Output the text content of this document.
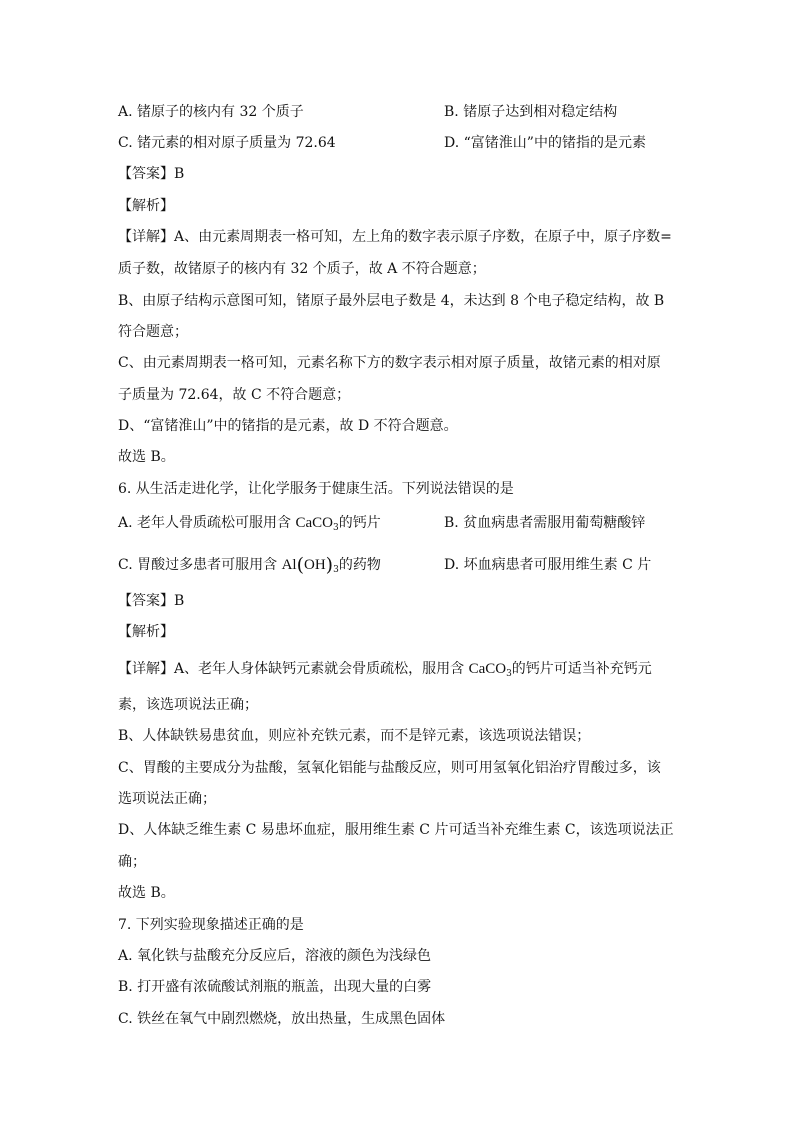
A. 锗原子的核内有 32 个质子	B. 锗原子达到相对稳定结构
C. 锗元素的相对原子质量为 72.64	D. “富锗淮山”中的锗指的是元素
【答案】B
【解析】
【详解】A、由元素周期表一格可知，左上角的数字表示原子序数，在原子中，原子序数=
质子数，故锗原子的核内有 32 个质子，故 A 不符合题意；
B、由原子结构示意图可知，锗原子最外层电子数是 4，未达到 8 个电子稳定结构，故 B
符合题意；
C、由元素周期表一格可知，元素名称下方的数字表示相对原子质量，故锗元素的相对原
子质量为 72.64，故 C 不符合题意；
D、“富锗淮山”中的锗指的是元素，故 D 不符合题意。
故选 B。
6. 从生活走进化学，让化学服务于健康生活。下列说法错误的是
A. 老年人骨质疏松可服用含 CaCO$_3$的钙片	B. 贫血病患者需服用葡萄糖酸锌
C. 胃酸过多患者可服用含 $Al(OH)_3$的药物	D. 坏血病患者可服用维生素 C 片
【答案】B
【解析】
【详解】A、老年人身体缺钙元素就会骨质疏松，服用含 CaCO$_3$的钙片可适当补充钙元
素，该选项说法正确；
B、人体缺铁易患贫血，则应补充铁元素，而不是锌元素，该选项说法错误；
C、胃酸的主要成分为盐酸，氢氧化铝能与盐酸反应，则可用氢氧化铝治疗胃酸过多，该
选项说法正确；
D、人体缺乏维生素 C 易患坏血症，服用维生素 C 片可适当补充维生素 C，该选项说法正
确；
故选 B。
7. 下列实验现象描述正确的是
A. 氧化铁与盐酸充分反应后，溶液的颜色为浅绿色
B. 打开盛有浓硫酸试剂瓶的瓶盖，出现大量的白雾
C. 铁丝在氧气中剧烈燃烧，放出热量，生成黑色固体
